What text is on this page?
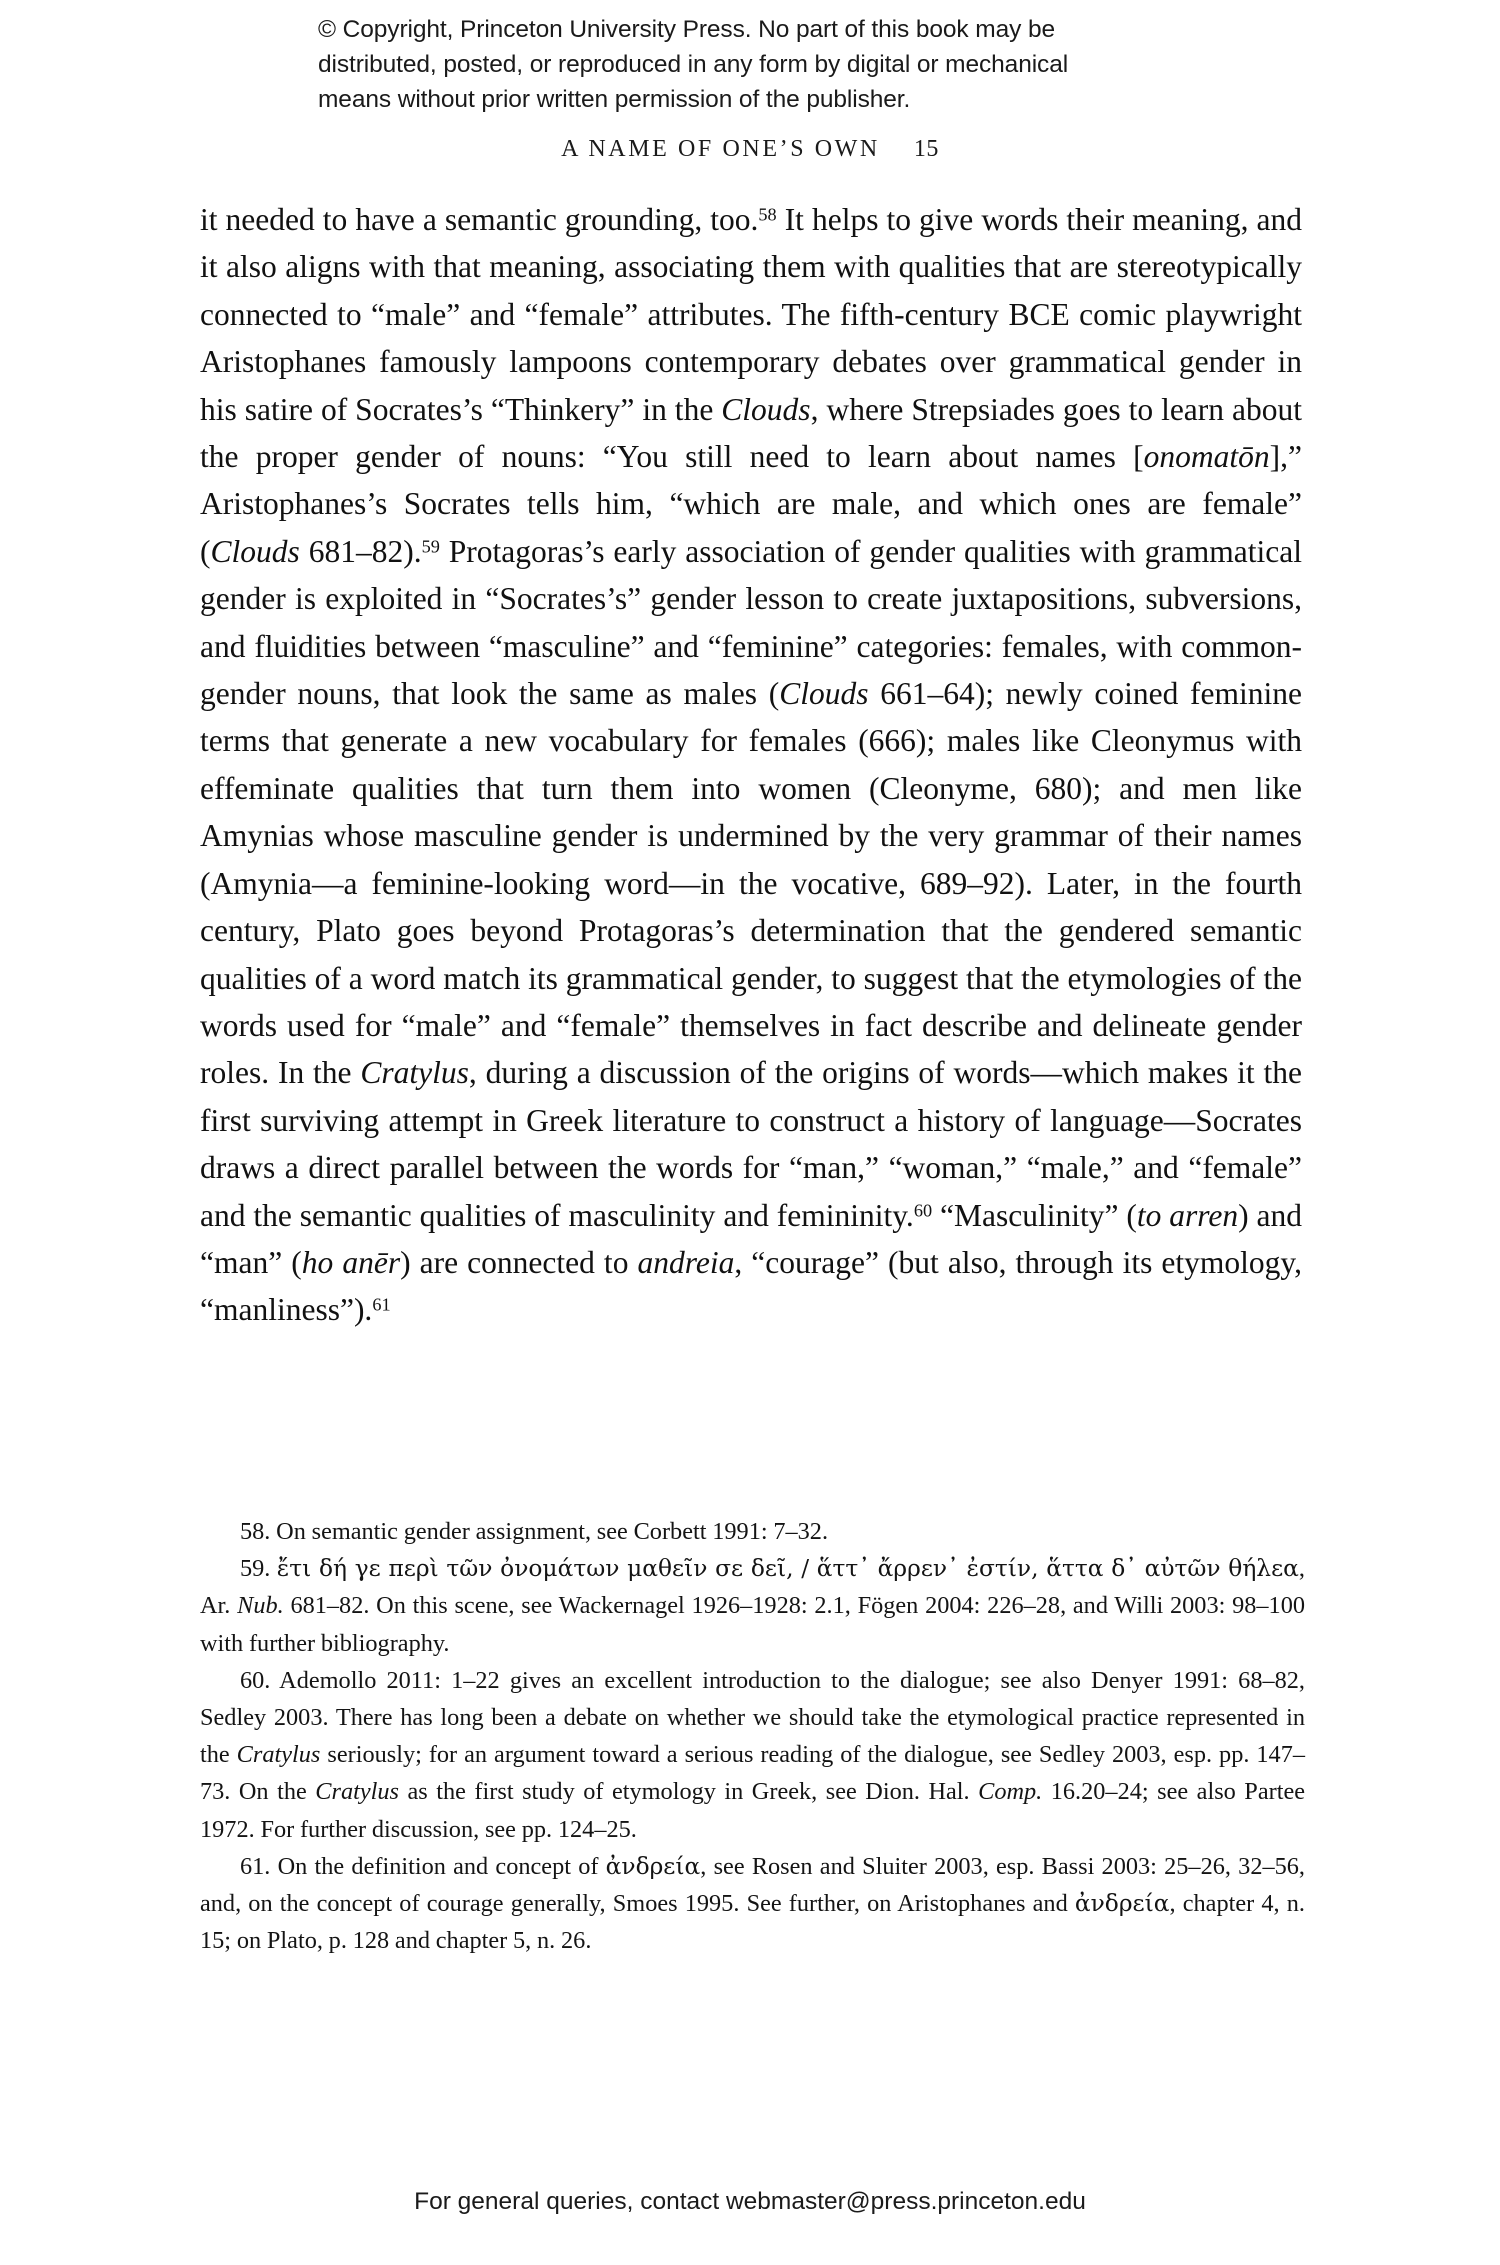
© Copyright, Princeton University Press. No part of this book may be
distributed, posted, or reproduced in any form by digital or mechanical
means without prior written permission of the publisher.
A NAME OF ONE’S OWN 15

it needed to have a semantic grounding, too.$^{58}$ It helps to give words their meaning, and it also aligns with that meaning, associating them with qualities that are stereotypically connected to “male” and “female” attributes. The fifth-century BCE comic playwright Aristophanes famously lampoons contemporary debates over grammatical gender in his satire of Socrates’s “Thinkery” in the Clouds, where Strepsiades goes to learn about the proper gender of nouns: “You still need to learn about names [onomatōn],” Aristophanes’s Socrates tells him, “which are male, and which ones are female” (Clouds 681–82).$^{59}$ Protagoras’s early association of gender qualities with grammatical gender is exploited in “Socrates’s” gender lesson to create juxtapositions, subversions, and fluidities between “masculine” and “feminine” categories: females, with common-gender nouns, that look the same as males (Clouds 661–64); newly coined feminine terms that generate a new vocabulary for females (666); males like Cleonymus with effeminate qualities that turn them into women (Cleonyme, 680); and men like Amynias whose masculine gender is undermined by the very grammar of their names (Amynia—a feminine-looking word—in the vocative, 689–92). Later, in the fourth century, Plato goes beyond Protagoras’s determination that the gendered semantic qualities of a word match its grammatical gender, to suggest that the etymologies of the words used for “male” and “female” themselves in fact describe and delineate gender roles. In the Cratylus, during a discussion of the origins of words—which makes it the first surviving attempt in Greek literature to construct a history of language—Socrates draws a direct parallel between the words for “man,” “woman,” “male,” and “female” and the semantic qualities of masculinity and femininity.$^{60}$ “Masculinity” (to arren) and “man” (ho anēr) are connected to andreia, “courage” (but also, through its etymology, “manliness”).$^{61}$

58. On semantic gender assignment, see Corbett 1991: 7–32.

59. ἔτι δή γε περὶ τῶν ὀνομάτων μαθεῖν σε δεῖ, / ἅττ᾽ ἄρρεν᾽ ἐστίν, ἅττα δ᾽ αὐτῶν θήλεα, Ar. Nub. 681–82. On this scene, see Wackernagel 1926–1928: 2.1, Fögen 2004: 226–28, and Willi 2003: 98–100 with further bibliography.

60. Ademollo 2011: 1–22 gives an excellent introduction to the dialogue; see also Denyer 1991: 68–82, Sedley 2003. There has long been a debate on whether we should take the etymological practice represented in the Cratylus seriously; for an argument toward a serious reading of the dialogue, see Sedley 2003, esp. pp. 147–73. On the Cratylus as the first study of etymology in Greek, see Dion. Hal. Comp. 16.20–24; see also Partee 1972. For further discussion, see pp. 124–25.

61. On the definition and concept of ἀνδρεία, see Rosen and Sluiter 2003, esp. Bassi 2003: 25–26, 32–56, and, on the concept of courage generally, Smoes 1995. See further, on Aristophanes and ἀνδρεία, chapter 4, n. 15; on Plato, p. 128 and chapter 5, n. 26.

For general queries, contact webmaster@press.princeton.edu
